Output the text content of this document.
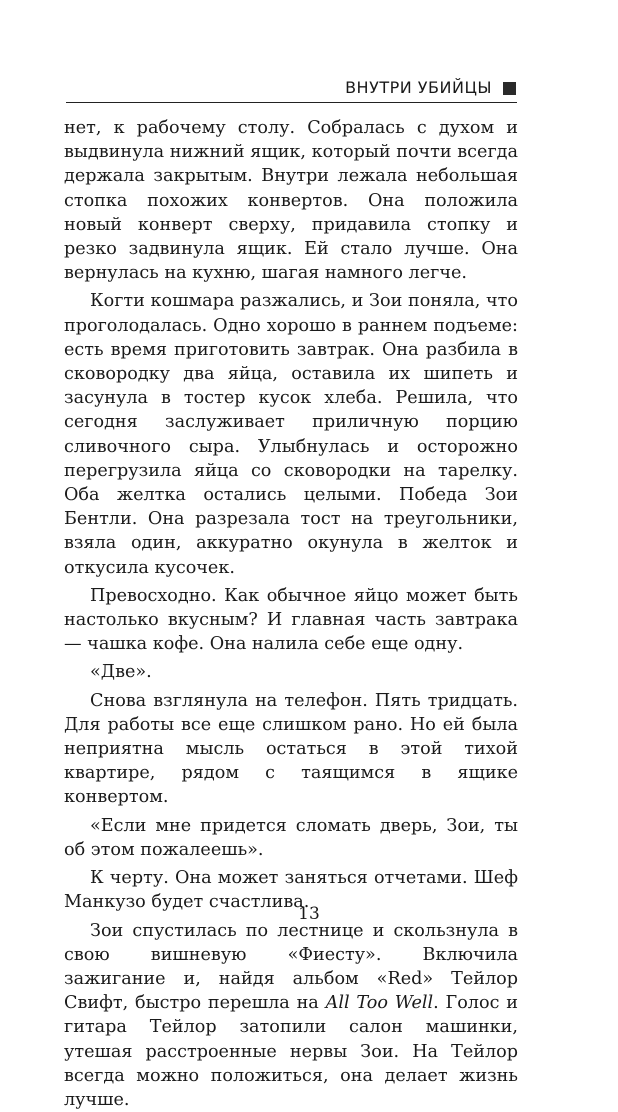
ВНУТРИ УБИЙЦЫ

нет, к рабочему столу. Собралась с духом и выдвинула нижний ящик, который почти всегда держала закрытым. Внутри лежала небольшая стопка похожих конвертов. Она положила новый конверт сверху, придавила стопку и резко задвинула ящик. Ей стало лучше. Она вернулась на кухню, шагая намного легче.

Когти кошмара разжались, и Зои поняла, что проголодалась. Одно хорошо в раннем подъеме: есть время приготовить завтрак. Она разбила в сковородку два яйца, оставила их шипеть и засунула в тостер кусок хлеба. Решила, что сегодня заслуживает приличную порцию сливочного сыра. Улыбнулась и осторожно перегрузила яйца со сковородки на тарелку. Оба желтка остались целыми. Победа Зои Бентли. Она разрезала тост на треугольники, взяла один, аккуратно окунула в желток и откусила кусочек.

Превосходно. Как обычное яйцо может быть настолько вкусным? И главная часть завтрака — чашка кофе. Она налила себе еще одну.

«Две».

Снова взглянула на телефон. Пять тридцать. Для работы все еще слишком рано. Но ей была неприятна мысль остаться в этой тихой квартире, рядом с таящимся в ящике конвертом.

«Если мне придется сломать дверь, Зои, ты об этом пожалеешь».

К черту. Она может заняться отчетами. Шеф Манкузо будет счастлива.

Зои спустилась по лестнице и скользнула в свою вишневую «Фиесту». Включила зажигание и, найдя альбом «Red» Тейлор Свифт, быстро перешла на All Too Well. Голос и гитара Тейлор затопили салон машинки, утешая расстроенные нервы Зои. На Тейлор всегда можно положиться, она делает жизнь лучше.

13
